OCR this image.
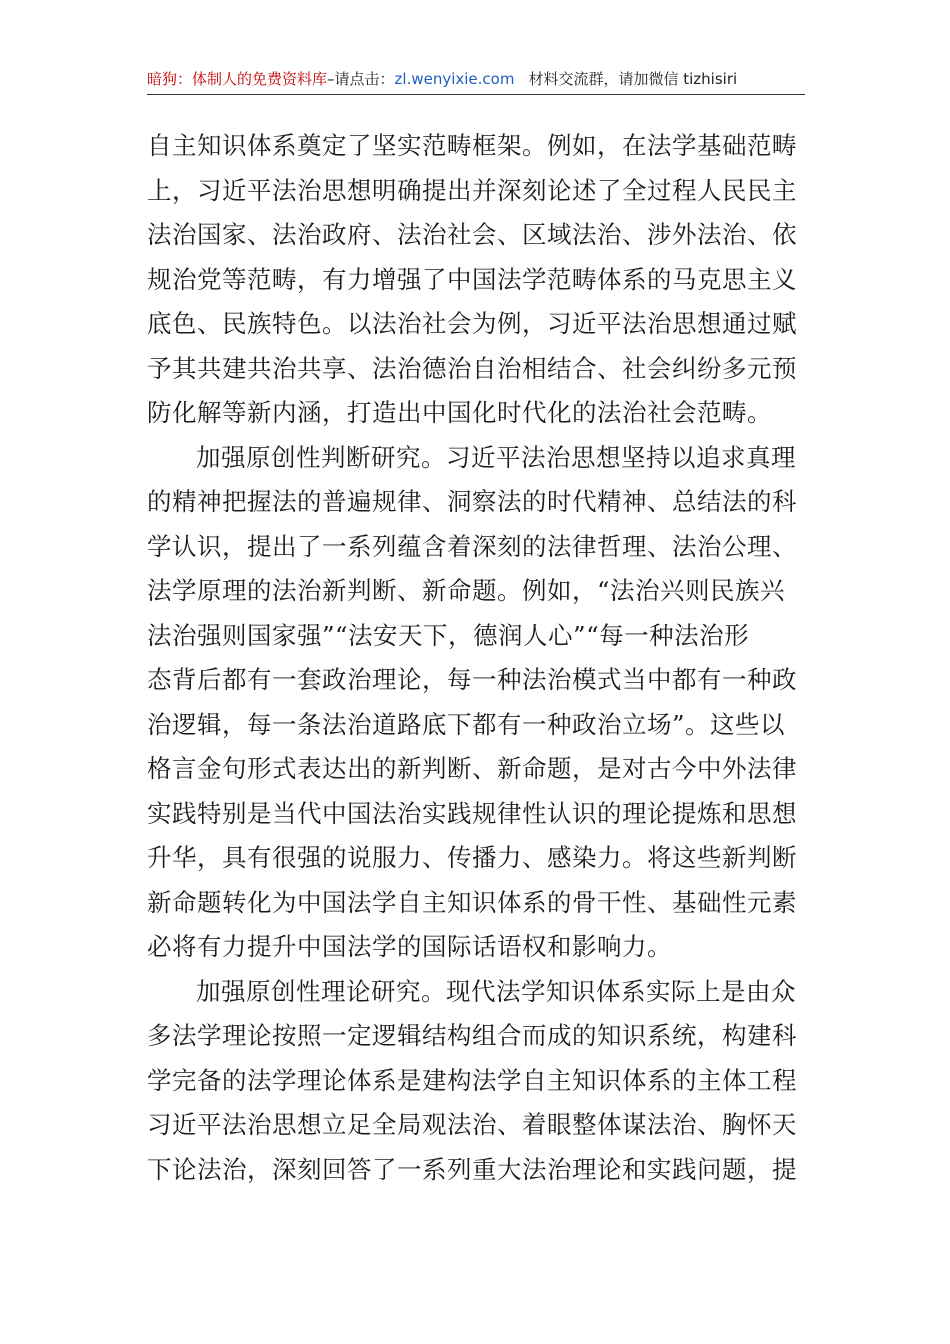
暗狗：体制人的免费资料库–请点击：zl.wenyixie.com 材料交流群，请加微信 tizhisiri
自主知识体系奠定了坚实范畴框架。例如，在法学基础范畴
上，习近平法治思想明确提出并深刻论述了全过程人民民主
法治国家、法治政府、法治社会、区域法治、涉外法治、依
规治党等范畴，有力增强了中国法学范畴体系的马克思主义
底色、民族特色。以法治社会为例，习近平法治思想通过赋
予其共建共治共享、法治德治自治相结合、社会纠纷多元预
防化解等新内涵，打造出中国化时代化的法治社会范畴。
加强原创性判断研究。习近平法治思想坚持以追求真理
的精神把握法的普遍规律、洞察法的时代精神、总结法的科
学认识，提出了一系列蕴含着深刻的法律哲理、法治公理、
法学原理的法治新判断、新命题。例如，“法治兴则民族兴
法治强则国家强”“法安天下，德润人心”“每一种法治形
态背后都有一套政治理论，每一种法治模式当中都有一种政
治逻辑，每一条法治道路底下都有一种政治立场”。这些以
格言金句形式表达出的新判断、新命题，是对古今中外法律
实践特别是当代中国法治实践规律性认识的理论提炼和思想
升华，具有很强的说服力、传播力、感染力。将这些新判断
新命题转化为中国法学自主知识体系的骨干性、基础性元素
必将有力提升中国法学的国际话语权和影响力。
加强原创性理论研究。现代法学知识体系实际上是由众
多法学理论按照一定逻辑结构组合而成的知识系统，构建科
学完备的法学理论体系是建构法学自主知识体系的主体工程
习近平法治思想立足全局观法治、着眼整体谋法治、胸怀天
下论法治，深刻回答了一系列重大法治理论和实践问题，提
